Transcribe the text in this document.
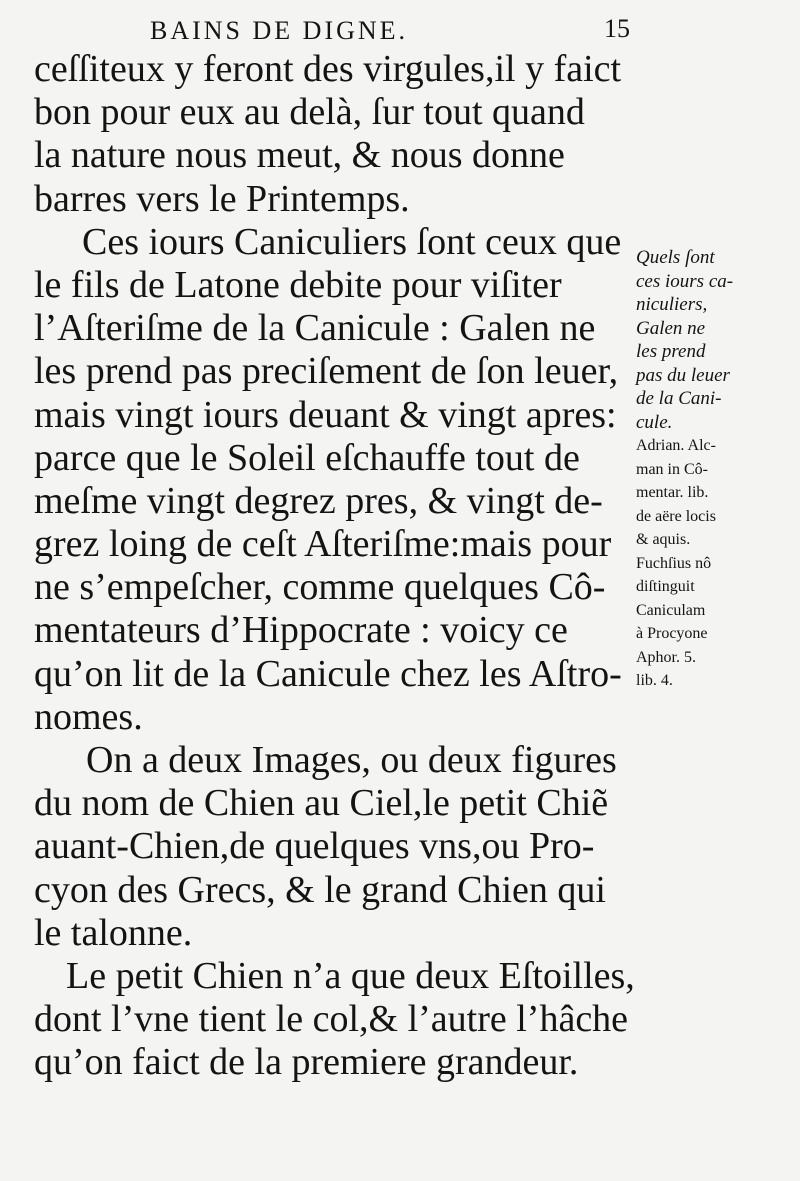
BAINS DE DIGNE.	15
ceſſiteux y feront des virgules,il y faict
bon pour eux au delà, ſur tout quand
la nature nous meut, & nous donne
barres vers le Printemps.
Ces iours Caniculiers ſont ceux que
le fils de Latone debite pour viſiter
l’Aſteriſme de la Canicule : Galen ne
les prend pas preciſement de ſon leuer,
mais vingt iours deuant & vingt apres:
parce que le Soleil eſchauffe tout de
meſme vingt degrez pres, & vingt de-
grez loing de ceſt Aſteriſme:mais pour
ne s’empeſcher, comme quelques Cô-
mentateurs d’Hippocrate : voicy ce
qu’on lit de la Canicule chez les Aſtro-
nomes.
On a deux Images, ou deux figures
du nom de Chien au Ciel,le petit Chiẽ
auant-Chien,de quelques vns,ou Pro-
cyon des Grecs, & le grand Chien qui
le talonne.
Le petit Chien n’a que deux Eſtoilles,
dont l’vne tient le col,& l’autre l’hâche
qu’on faict de la premiere grandeur.
Quels ſont
ces iours ca-
niculiers,
Galen ne
les prend
pas du leuer
de la Cani-
cule.
Adrian. Alc-
man in Cô-
mentar. lib.
de aëre locis
& aquis.
Fuchſius nô
diſtinguit
Caniculam
à Procyone
Aphor. 5.
lib. 4.
